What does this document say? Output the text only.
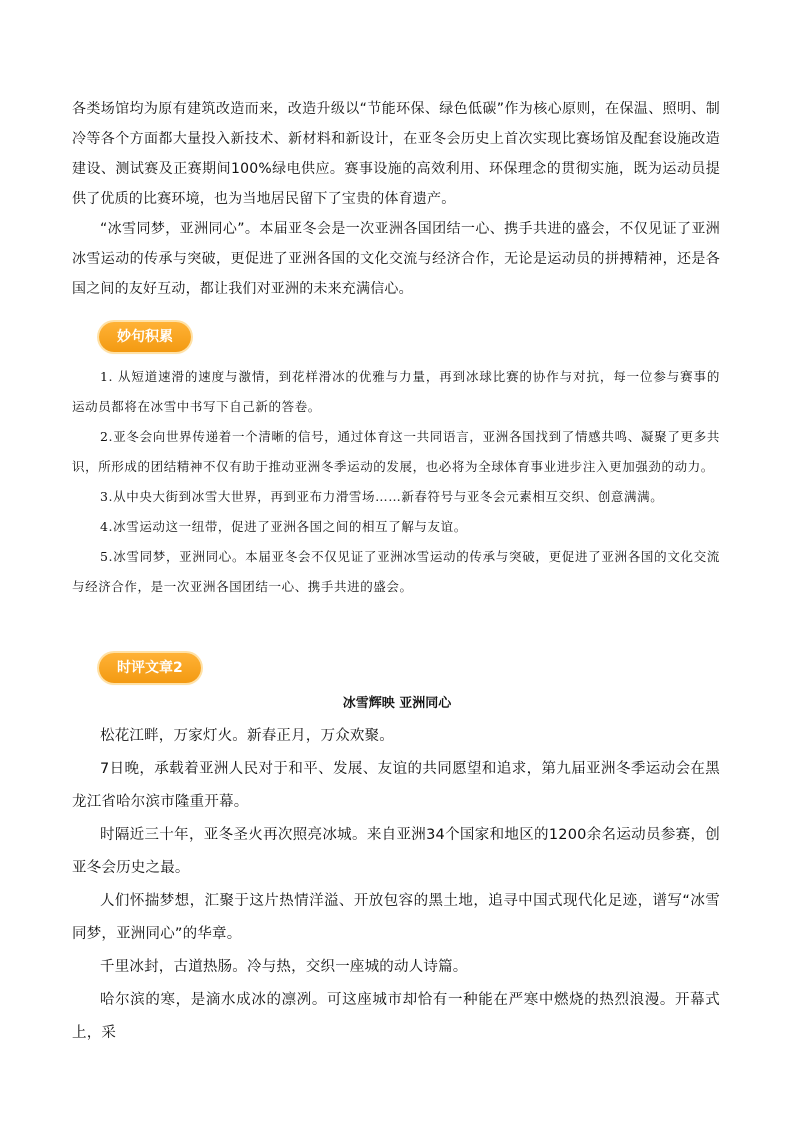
各类场馆均为原有建筑改造而来，改造升级以“节能环保、绿色低碳”作为核心原则，在保温、照明、制冷等各个方面都大量投入新技术、新材料和新设计，在亚冬会历史上首次实现比赛场馆及配套设施改造建设、测试赛及正赛期间100%绿电供应。赛事设施的高效利用、环保理念的贯彻实施，既为运动员提供了优质的比赛环境，也为当地居民留下了宝贵的体育遗产。

“冰雪同梦，亚洲同心”。本届亚冬会是一次亚洲各国团结一心、携手共进的盛会，不仅见证了亚洲冰雪运动的传承与突破，更促进了亚洲各国的文化交流与经济合作，无论是运动员的拼搏精神，还是各国之间的友好互动，都让我们对亚洲的未来充满信心。

妙句积累

1. 从短道速滑的速度与激情，到花样滑冰的优雅与力量，再到冰球比赛的协作与对抗，每一位参与赛事的运动员都将在冰雪中书写下自己新的答卷。

2.亚冬会向世界传递着一个清晰的信号，通过体育这一共同语言，亚洲各国找到了情感共鸣、凝聚了更多共识，所形成的团结精神不仅有助于推动亚洲冬季运动的发展，也必将为全球体育事业进步注入更加强劲的动力。

3.从中央大街到冰雪大世界，再到亚布力滑雪场……新春符号与亚冬会元素相互交织、创意满满。

4.冰雪运动这一纽带，促进了亚洲各国之间的相互了解与友谊。

5.冰雪同梦，亚洲同心。本届亚冬会不仅见证了亚洲冰雪运动的传承与突破，更促进了亚洲各国的文化交流与经济合作，是一次亚洲各国团结一心、携手共进的盛会。

时评文章2
冰雪辉映 亚洲同心

松花江畔，万家灯火。新春正月，万众欢聚。

7日晚，承载着亚洲人民对于和平、发展、友谊的共同愿望和追求，第九届亚洲冬季运动会在黑龙江省哈尔滨市隆重开幕。

时隔近三十年，亚冬圣火再次照亮冰城。来自亚洲34个国家和地区的1200余名运动员参赛，创亚冬会历史之最。

人们怀揣梦想，汇聚于这片热情洋溢、开放包容的黑土地，追寻中国式现代化足迹，谱写“冰雪同梦，亚洲同心”的华章。

千里冰封，古道热肠。冷与热，交织一座城的动人诗篇。

哈尔滨的寒，是滴水成冰的凛冽。可这座城市却恰有一种能在严寒中燃烧的热烈浪漫。开幕式上，采
